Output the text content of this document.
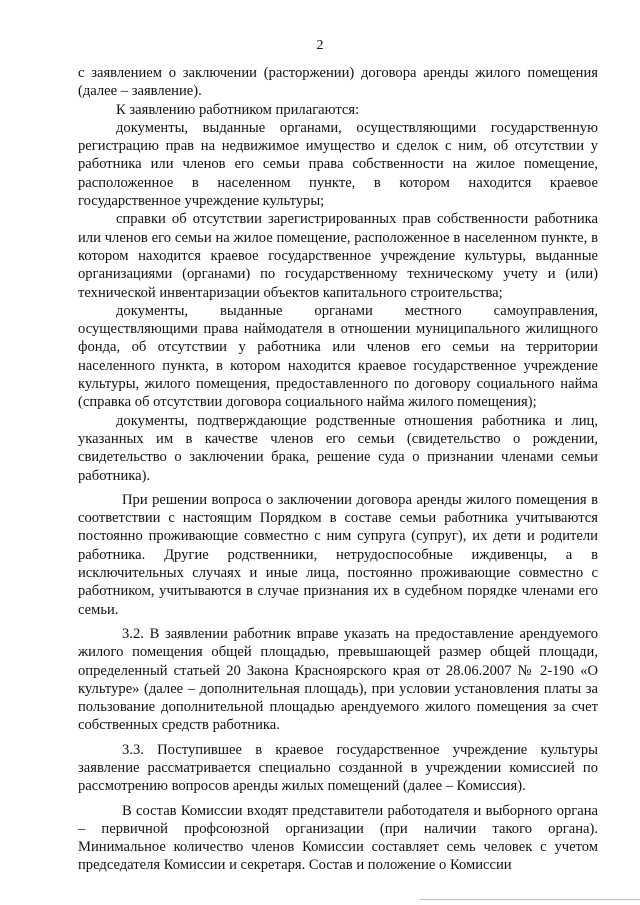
2

с заявлением о заключении (расторжении) договора аренды жилого помещения (далее – заявление).

К заявлению работником прилагаются:

документы, выданные органами, осуществляющими государственную регистрацию прав на недвижимое имущество и сделок с ним, об отсутствии у работника или членов его семьи права собственности на жилое помещение, расположенное в населенном пункте, в котором находится краевое государственное учреждение культуры;

справки об отсутствии зарегистрированных прав собственности работника или членов его семьи на жилое помещение, расположенное в населенном пункте, в котором находится краевое государственное учреждение культуры, выданные организациями (органами) по государственному техническому учету и (или) технической инвентаризации объектов капитального строительства;

документы, выданные органами местного самоуправления, осуществляющими права наймодателя в отношении муниципального жилищного фонда, об отсутствии у работника или членов его семьи на территории населенного пункта, в котором находится краевое государственное учреждение культуры, жилого помещения, предоставленного по договору социального найма (справка об отсутствии договора социального найма жилого помещения);

документы, подтверждающие родственные отношения работника и лиц, указанных им в качестве членов его семьи (свидетельство о рождении, свидетельство о заключении брака, решение суда о признании членами семьи работника).

При решении вопроса о заключении договора аренды жилого помещения в соответствии с настоящим Порядком в составе семьи работника учитываются постоянно проживающие совместно с ним супруга (супруг), их дети и родители работника. Другие родственники, нетрудоспособные иждивенцы, а в исключительных случаях и иные лица, постоянно проживающие совместно с работником, учитываются в случае признания их в судебном порядке членами его семьи.

3.2. В заявлении работник вправе указать на предоставление арендуемого жилого помещения общей площадью, превышающей размер общей площади, определенный статьей 20 Закона Красноярского края от 28.06.2007 № 2-190 «О культуре» (далее – дополнительная площадь), при условии установления платы за пользование дополнительной площадью арендуемого жилого помещения за счет собственных средств работника.

3.3. Поступившее в краевое государственное учреждение культуры заявление рассматривается специально созданной в учреждении комиссией по рассмотрению вопросов аренды жилых помещений (далее – Комиссия).

В состав Комиссии входят представители работодателя и выборного органа – первичной профсоюзной организации (при наличии такого органа). Минимальное количество членов Комиссии составляет семь человек с учетом председателя Комиссии и секретаря. Состав и положение о Комиссии
